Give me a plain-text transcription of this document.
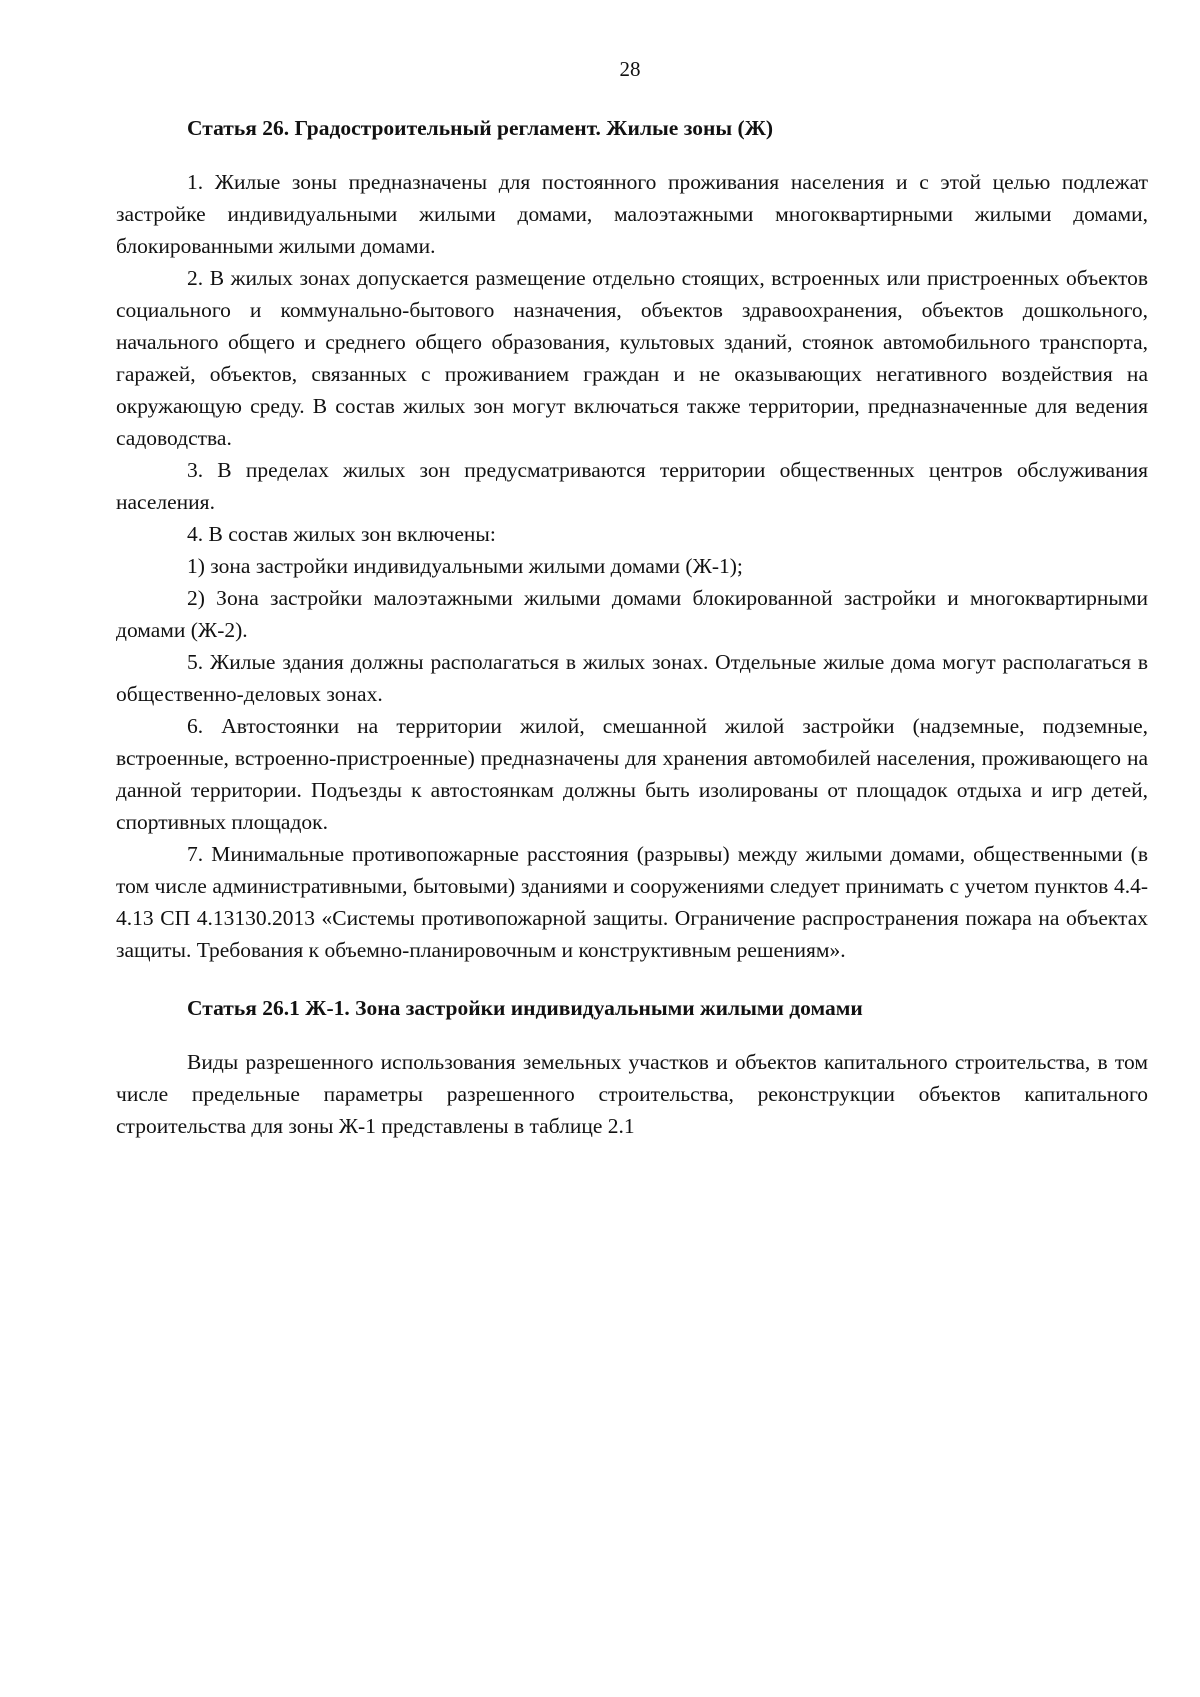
28
Статья 26. Градостроительный регламент. Жилые зоны (Ж)

1. Жилые зоны предназначены для постоянного проживания населения и с этой целью подлежат застройке индивидуальными жилыми домами, малоэтажными многоквартирными жилыми домами, блокированными жилыми домами.

2. В жилых зонах допускается размещение отдельно стоящих, встроенных или пристроенных объектов социального и коммунально-бытового назначения, объектов здравоохранения, объектов дошкольного, начального общего и среднего общего образования, культовых зданий, стоянок автомобильного транспорта, гаражей, объектов, связанных с проживанием граждан и не оказывающих негативного воздействия на окружающую среду. В состав жилых зон могут включаться также территории, предназначенные для ведения садоводства.

3. В пределах жилых зон предусматриваются территории общественных центров обслуживания населения.

4. В состав жилых зон включены:

1) зона застройки индивидуальными жилыми домами (Ж-1);

2) Зона застройки малоэтажными жилыми домами блокированной застройки и многоквартирными домами (Ж-2).

5. Жилые здания должны располагаться в жилых зонах. Отдельные жилые дома могут располагаться в общественно-деловых зонах.

6. Автостоянки на территории жилой, смешанной жилой застройки (надземные, подземные, встроенные, встроенно-пристроенные) предназначены для хранения автомобилей населения, проживающего на данной территории. Подъезды к автостоянкам должны быть изолированы от площадок отдыха и игр детей, спортивных площадок.

7. Минимальные противопожарные расстояния (разрывы) между жилыми домами, общественными (в том числе административными, бытовыми) зданиями и сооружениями следует принимать с учетом пунктов 4.4-4.13 СП 4.13130.2013 «Системы противопожарной защиты. Ограничение распространения пожара на объектах защиты. Требования к объемно-планировочным и конструктивным решениям».

Статья 26.1 Ж-1. Зона застройки индивидуальными жилыми домами

Виды разрешенного использования земельных участков и объектов капитального строительства, в том числе предельные параметры разрешенного строительства, реконструкции объектов капитального строительства для зоны Ж-1 представлены в таблице 2.1
